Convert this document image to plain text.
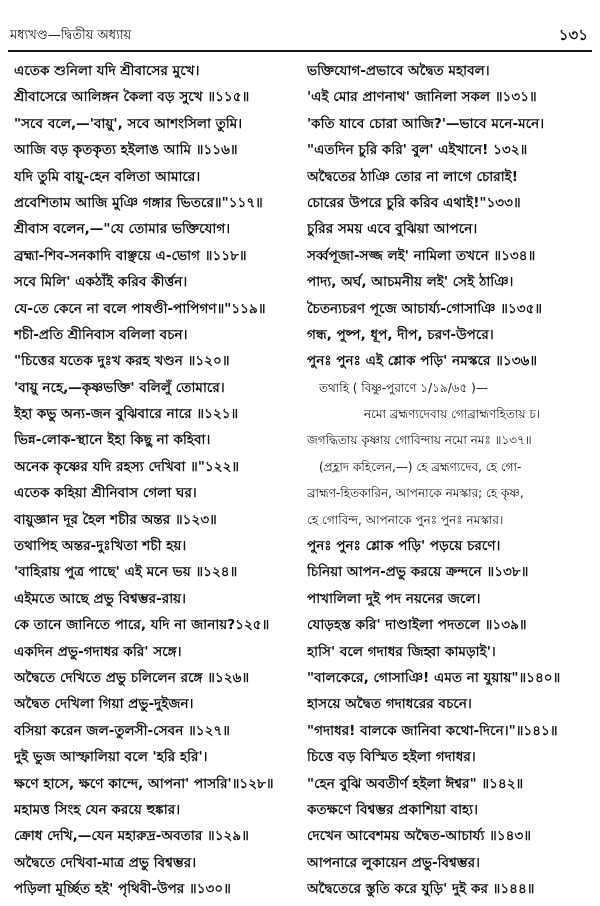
মধ্যখণ্ড—দ্বিতীয় অধ্যায়	১৩১
এতেক শুনিলা যদি শ্রীবাসের মুখে।
শ্রীবাসেরে আলিঙ্গন কৈলা বড় সুখে ॥১১৫॥
"সবে বলে,—'বায়ু', সবে আশংসিলা তুমি।
আজি বড় কৃতকৃত্য হইলাঙ আমি ॥১১৬॥
যদি তুমি বায়ু-হেন বলিতা আমারে।
প্রবেশিতাম আজি মুঞি গঙ্গার ভিতরে॥"১১৭॥
শ্রীবাস বলেন,—"যে তোমার ভক্তিযোগ।
ব্রহ্মা-শিব-সনকাদি বাঞ্ছয়ে এ-ভোগ ॥১১৮॥
সবে মিলি' একঠাঁই করিব কীর্ত্তন।
যে-তে কেনে না বলে পাষণ্ডী-পাপিগণ॥"১১৯॥
শচী-প্রতি শ্রীনিবাস বলিলা বচন।
"চিত্তের যতেক দুঃখ করহ খণ্ডন ॥১২০॥
'বায়ু নহে,—কৃষ্ণভক্তি' বলিলুঁ তোমারে।
ইহা কভু অন্য-জন বুঝিবারে নারে ॥১২১॥
ভিন্ন-লোক-স্থানে ইহা কিছু না কহিবা।
অনেক কৃষ্ণের যদি রহস্য দেখিবা ॥"১২২॥
এতেক কহিয়া শ্রীনিবাস গেলা ঘর।
বায়ুজ্ঞান দূর হৈল শচীর অন্তর ॥১২৩॥
তথাপিহ অন্তর-দুঃখিতা শচী হয়।
'বাহিরায় পুত্র পাছে' এই মনে ভয় ॥১২৪॥
এইমতে আছে প্রভু বিশ্বম্ভর-রায়।
কে তানে জানিতে পারে, যদি না জানায়?১২৫॥
একদিন প্রভু-গদাধর করি' সঙ্গে।
অদ্বৈতে দেখিতে প্রভু চলিলেন রঙ্গে ॥১২৬॥
অদ্বৈত দেখিলা গিয়া প্রভু-দুইজন।
বসিয়া করেন জল-তুলসী-সেবন ॥১২৭॥
দুই ভুজ আস্ফালিয়া বলে 'হরি হরি'।
ক্ষণে হাসে, ক্ষণে কান্দে, আপনা' পাসরি'॥১২৮॥
মহামত্ত সিংহ যেন করয়ে হুঙ্কার।
ক্রোধ দেখি,—যেন মহারুদ্র-অবতার ॥১২৯॥
অদ্বৈতে দেখিবা-মাত্র প্রভু বিশ্বম্ভর।
পড়িলা মূর্চ্ছিত হই' পৃথিবী-উপর ॥১৩০॥
ভক্তিযোগ-প্রভাবে অদ্বৈত মহাবল।
'এই মোর প্রাণনাথ' জানিলা সকল ॥১৩১॥
'কতি যাবে চোরা আজি?'—ভাবে মনে-মনে।
"এতদিন চুরি করি' বুল' এইখানে! ১৩২॥
অদ্বৈতের ঠাঞি তোর না লাগে চোরাই!
চোরের উপরে চুরি করিব এথাই!"১৩৩॥
চুরির সময় এবে বুঝিয়া আপনে।
সর্ব্বপূজা-সজ্জ লই' নামিলা তখনে ॥১৩৪॥
পাদ্য, অর্ঘ, আচমনীয় লই' সেই ঠাঞি।
চৈতন্যচরণ পূজে আচার্য্য-গোসাঞি ॥১৩৫॥
গন্ধ, পুষ্প, ধূপ, দীপ, চরণ-উপরে।
পুনঃ পুনঃ এই শ্লোক পড়ি' নমস্করে ॥১৩৬॥
তথাহি ( বিষ্ণু-পুরাণে ১/১৯/৬৫ )—
নমো ব্রহ্মণ্যদেবায় গোব্রাহ্মণহিতায় চ।
জগদ্ধিতায় কৃষ্ণায় গোবিন্দায় নমো নমঃ ॥১৩৭॥
(প্রহ্লাদ কহিলেন,—) হে ব্রহ্মণ্যদেব, হে গো-
ব্রাহ্মণ-হিতকারিন, আপনাকে নমস্কার; হে কৃষ্ণ,
হে গোবিন্দ, আপনাকে পুনঃ পুনঃ নমস্কার।
পুনঃ পুনঃ শ্লোক পড়ি' পড়য়ে চরণে।
চিনিয়া আপন-প্রভু করয়ে ক্রন্দনে ॥১৩৮॥
পাখালিলা দুই পদ নয়নের জলে।
যোড়হস্ত করি' দাণ্ডাইলা পদতলে ॥১৩৯॥
হাসি' বলে গদাধর জিহ্বা কামড়াই'।
"বালকেরে, গোসাঞি! এমত না যুয়ায়"॥১৪০॥
হাসয়ে অদ্বৈত গদাধরের বচনে।
"গদাধর! বালকে জানিবা কথো-দিনে।"॥১৪১॥
চিত্তে বড় বিস্মিত হইলা গদাধর।
"হেন বুঝি অবতীর্ণ হইলা ঈশ্বর" ॥১৪২॥
কতক্ষণে বিশ্বম্ভর প্রকাশিয়া বাহ্য।
দেখেন আবেশময় অদ্বৈত-আচার্য্য ॥১৪৩॥
আপনারে লুকায়েন প্রভু-বিশ্বম্ভর।
অদ্বৈতেরে স্তুতি করে যুড়ি' দুই কর ॥১৪৪॥
